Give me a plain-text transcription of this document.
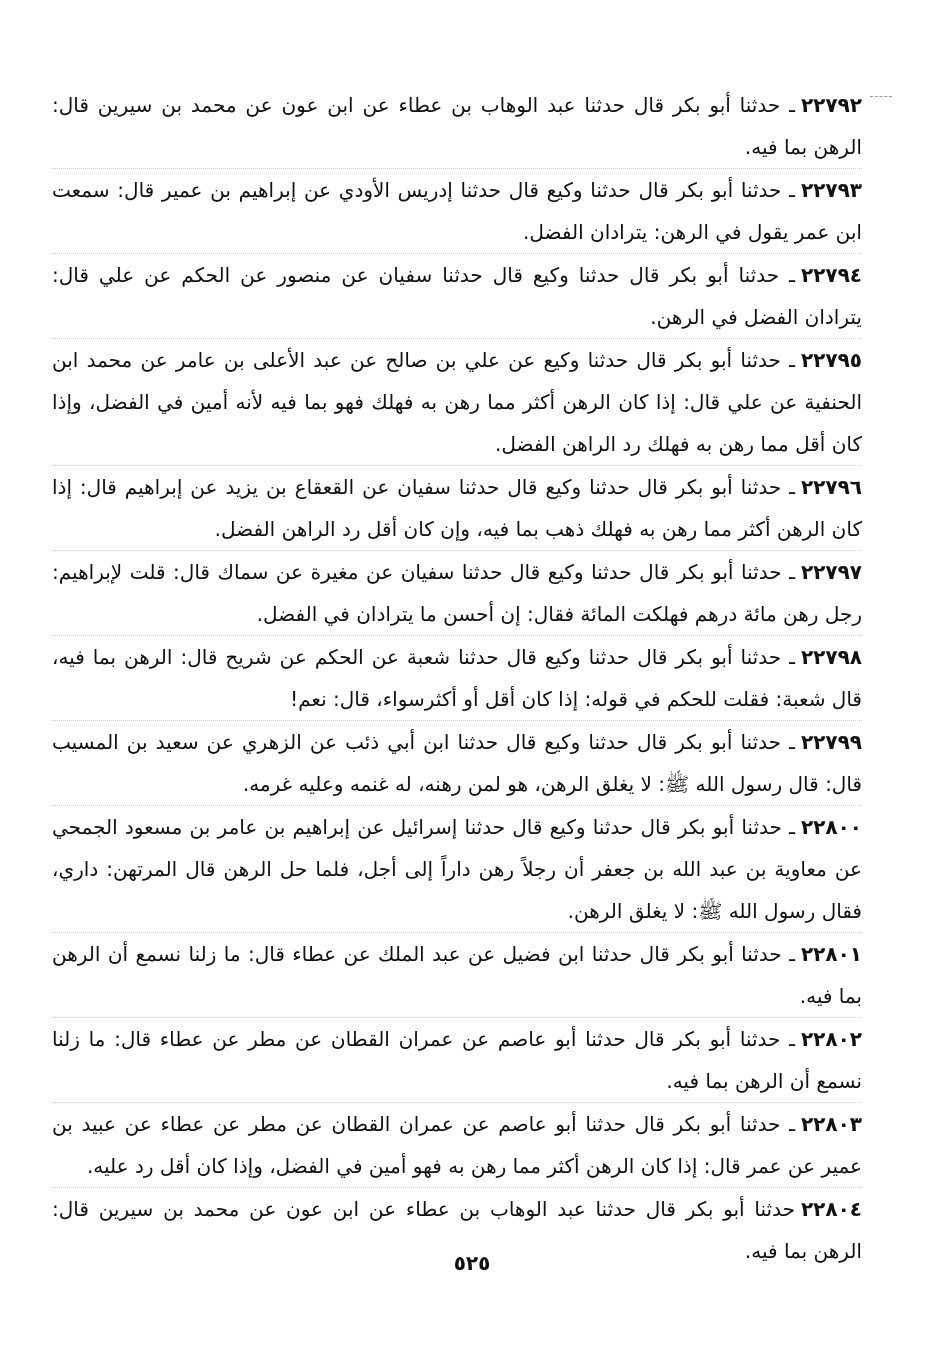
٢٢٧٩٢ـ حدثنا أبو بكر قال حدثنا عبد الوهاب بن عطاء عن ابن عون عن محمد بن سيرين قال: الرهن بما فيه.
٢٢٧٩٣ـ حدثنا أبو بكر قال حدثنا وكيع قال حدثنا إدريس الأودي عن إبراهيم بن عمير قال: سمعت ابن عمر يقول في الرهن: يترادان الفضل.
٢٢٧٩٤ـ حدثنا أبو بكر قال حدثنا وكيع قال حدثنا سفيان عن منصور عن الحكم عن علي قال: يترادان الفضل في الرهن.
٢٢٧٩٥ـ حدثنا أبو بكر قال حدثنا وكيع عن علي بن صالح عن عبد الأعلى بن عامر عن محمد ابن الحنفية عن علي قال: إذا كان الرهن أكثر مما رهن به فهلك فهو بما فيه لأنه أمين في الفضل، وإذا كان أقل مما رهن به فهلك رد الراهن الفضل.
٢٢٧٩٦ـ حدثنا أبو بكر قال حدثنا وكيع قال حدثنا سفيان عن القعقاع بن يزيد عن إبراهيم قال: إذا كان الرهن أكثر مما رهن به فهلك ذهب بما فيه، وإن كان أقل رد الراهن الفضل.
٢٢٧٩٧ـ حدثنا أبو بكر قال حدثنا وكيع قال حدثنا سفيان عن مغيرة عن سماك قال: قلت لإبراهيم: رجل رهن مائة درهم فهلكت المائة فقال: إن أحسن ما يترادان في الفضل.
٢٢٧٩٨ـ حدثنا أبو بكر قال حدثنا وكيع قال حدثنا شعبة عن الحكم عن شريح قال: الرهن بما فيه، قال شعبة: فقلت للحكم في قوله: إذا كان أقل أو أكثرسواء، قال: نعم!
٢٢٧٩٩ـ حدثنا أبو بكر قال حدثنا وكيع قال حدثنا ابن أبي ذئب عن الزهري عن سعيد بن المسيب قال: قال رسول الله ﷺ: لا يغلق الرهن، هو لمن رهنه، له غنمه وعليه غرمه.
٢٢٨٠٠ـ حدثنا أبو بكر قال حدثنا وكيع قال حدثنا إسرائيل عن إبراهيم بن عامر بن مسعود الجمحي عن معاوية بن عبد الله بن جعفر أن رجلاً رهن داراً إلى أجل، فلما حل الرهن قال المرتهن: داري، فقال رسول الله ﷺ: لا يغلق الرهن.
٢٢٨٠١ـ حدثنا أبو بكر قال حدثنا ابن فضيل عن عبد الملك عن عطاء قال: ما زلنا نسمع أن الرهن بما فيه.
٢٢٨٠٢ـ حدثنا أبو بكر قال حدثنا أبو عاصم عن عمران القطان عن مطر عن عطاء قال: ما زلنا نسمع أن الرهن بما فيه.
٢٢٨٠٣ـ حدثنا أبو بكر قال حدثنا أبو عاصم عن عمران القطان عن مطر عن عطاء عن عبيد بن عمير عن عمر قال: إذا كان الرهن أكثر مما رهن به فهو أمين في الفضل، وإذا كان أقل رد عليه.
٢٢٨٠٤حدثنا أبو بكر قال حدثنا عبد الوهاب بن عطاء عن ابن عون عن محمد بن سيرين قال: الرهن بما فيه.
٥٢٥
